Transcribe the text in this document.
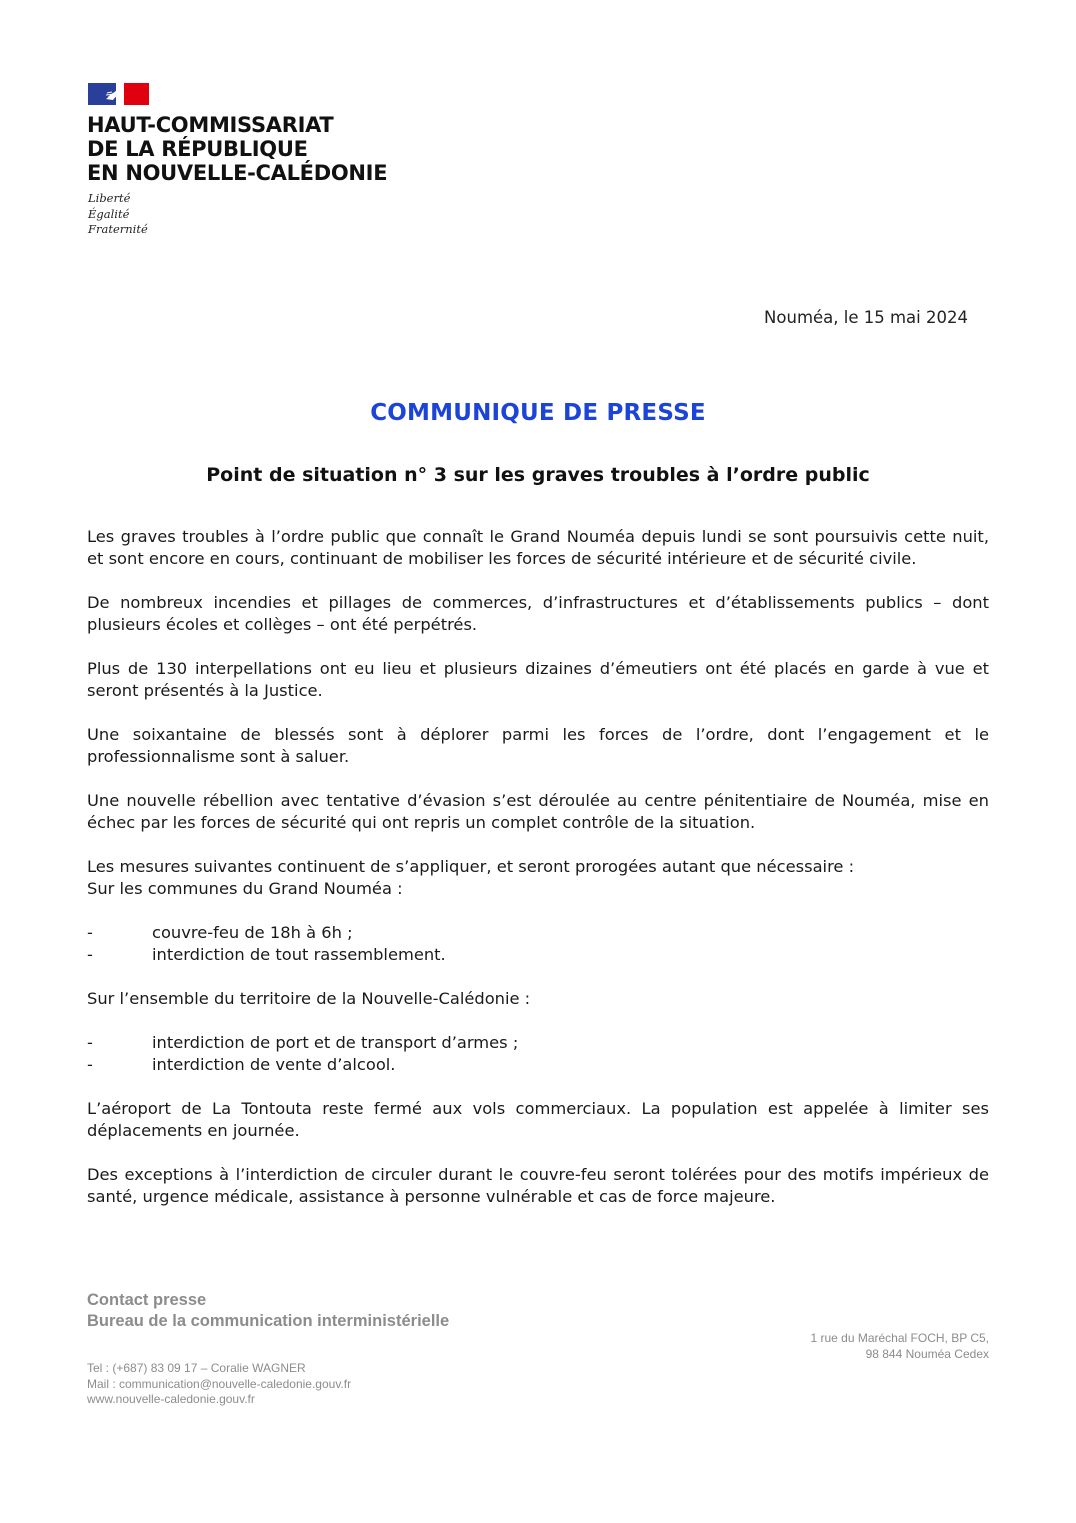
HAUT-COMMISSARIAT
DE LA RÉPUBLIQUE
EN NOUVELLE-CALÉDONIE
Liberté
Égalité
Fraternité
Nouméa, le 15 mai 2024
COMMUNIQUE DE PRESSE
Point de situation n° 3 sur les graves troubles à l’ordre public

Les graves troubles à l’ordre public que connaît le Grand Nouméa depuis lundi se sont poursuivis cette nuit, et sont encore en cours, continuant de mobiliser les forces de sécurité intérieure et de sécurité civile.

De nombreux incendies et pillages de commerces, d’infrastructures et d’établissements publics – dont plusieurs écoles et collèges – ont été perpétrés.

Plus de 130 interpellations ont eu lieu et plusieurs dizaines d’émeutiers ont été placés en garde à vue et seront présentés à la Justice.

Une soixantaine de blessés sont à déplorer parmi les forces de l’ordre, dont l’engagement et le professionnalisme sont à saluer.

Une nouvelle rébellion avec tentative d’évasion s’est déroulée au centre pénitentiaire de Nouméa, mise en échec par les forces de sécurité qui ont repris un complet contrôle de la situation.

Les mesures suivantes continuent de s’appliquer, et seront prorogées autant que nécessaire :

Sur les communes du Grand Nouméa :

-	couvre-feu de 18h à 6h ;
-	interdiction de tout rassemblement.

Sur l’ensemble du territoire de la Nouvelle-Calédonie :

-	interdiction de port et de transport d’armes ;
-	interdiction de vente d’alcool.

L’aéroport de La Tontouta reste fermé aux vols commerciaux. La population est appelée à limiter ses déplacements en journée.

Des exceptions à l’interdiction de circuler durant le couvre-feu seront tolérées pour des motifs impérieux de santé, urgence médicale, assistance à personne vulnérable et cas de force majeure.

Contact presse
Bureau de la communication interministérielle
1 rue du Maréchal FOCH, BP C5,
98 844 Nouméa Cedex
Tel : (+687) 83 09 17 – Coralie WAGNER
Mail : communication@nouvelle-caledonie.gouv.fr
www.nouvelle-caledonie.gouv.fr
